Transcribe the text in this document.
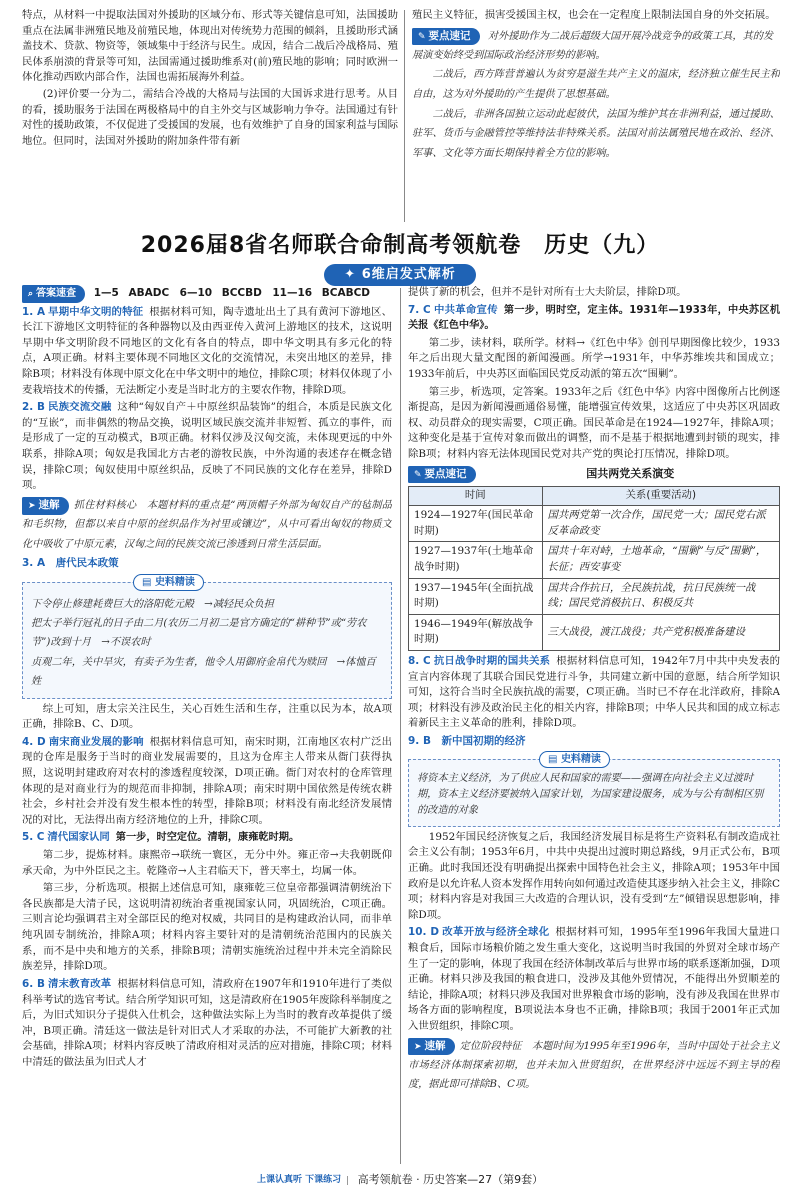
特点，从材料一中提取法国对外援助的区域分布、形式等关键信息可知，法国援助重点在法属非洲殖民地及前殖民地，体现出对传统势力范围的倾斜，且援助形式涵盖技术、贷款、物资等，领域集中于经济与民生。成因，结合二战后冷战格局、殖民体系崩溃的背景等可知，法国需通过援助维系对(前)殖民地的影响；同时欧洲一体化推动西欧内部合作，法国也需拓展海外利益。

(2)评价要一分为二，需结合冷战的大格局与法国的大国诉求进行思考。从目的看，援助服务于法国在两极格局中的自主外交与区域影响力争夺。法国通过有针对性的援助政策，不仅促进了受援国的发展，也有效维护了自身的国家利益与国际地位。但同时，法国对外援助的附加条件带有新

殖民主义特征，损害受援国主权，也会在一定程度上限制法国自身的外交拓展。

✎ 要点速记 对外援助作为二战后超级大国开展冷战竞争的政策工具，其的发展演变始终受到国际政治经济形势的影响。

二战后，西方阵营普遍认为贫穷是滋生共产主义的温床，经济独立催生民主和自由，这为对外援助的产生提供了思想基础。

二战后，非洲各国独立运动此起彼伏，法国为维护其在非洲利益，通过援助、驻军、货币与金融管控等维持法非特殊关系。法国对前法属殖民地在政治、经济、军事、文化等方面长期保持着全方位的影响。

2026届8省名师联合命制高考领航卷　历史（九）
✦ 6维启发式解析
⌕ 答案速查 1—5 ABADC　6—10 BCCBD　11—16 BCABCD

1. A 早期中华文明的特征 根据材料可知，陶寺遗址出土了具有黄河下游地区、长江下游地区文明特征的各种器物以及由西亚传入黄河上游地区的技术，这说明早期中华文明阶段不同地区的文化有各自的特点，即中华文明具有多元化的特点，A项正确。材料主要体现不同地区文化的交流情况，未突出地区的差异，排除B项；材料没有体现中原文化在中华文明中的地位，排除C项；材料仅体现了小麦栽培技术的传播，无法断定小麦是当时北方的主要农作物，排除D项。

2. B 民族交流交融 这种“匈奴自产＋中原丝织品装饰”的组合，本质是民族文化的“互嵌”，而非偶然的物品交换，说明区域民族交流并非短暂、孤立的事件，而是形成了一定的互动模式，B项正确。材料仅涉及汉匈交流，未体现更远的中外联系，排除A项；匈奴是我国北方古老的游牧民族，中外沟通的表述存在概念错误，排除C项；匈奴使用中原丝织品，反映了不同民族的文化存在差异，排除D项。

➤ 速解 抓住材料核心　本题材料的重点是“两顶帽子外部为匈奴自产的毡制品和毛织物，但都以来自中原的丝织品作为衬里或镶边”，从中可看出匈奴的物质文化中吸收了中原元素，汉匈之间的民族交流已渗透到日常生活层面。

3. A　 唐代民本政策
▤ 史料精读
下令停止修建耗费巨大的洛阳乾元殿　→减轻民众负担
把太子举行冠礼的日子由二月(农历二月初二是官方确定的“耕种节”或“劳农节”)改到十月　→不误农时
贞观二年，关中旱灾，有卖子为生者，他令人用御府金帛代为赎回　→体恤百姓

综上可知，唐太宗关注民生，关心百姓生活和生存，注重以民为本，故A项正确，排除B、C、D项。

4. D 南宋商业发展的影响 根据材料信息可知，南宋时期，江南地区农村广泛出现的仓库是服务于当时的商业发展需要的，且这为仓库主人带来从衙门获得执照，这说明封建政府对农村的渗透程度较深，D项正确。衙门对农村的仓库管理体现的是对商业行为的规范而非抑制，排除A项；南宋时期中国依然是传统农耕社会，乡村社会并没有发生根本性的转型，排除B项；材料没有南北经济发展情况的对比，无法得出南方经济地位的上升，排除C项。

5. C 清代国家认同 第一步，时空定位。清朝，康雍乾时期。

第二步，提炼材料。康熙帝→联统一寰区，无分中外。雍正帝→夫我朝既仰承天命，为中外臣民之主。乾隆帝→人主君临天下，普天率土，均属一体。

第三步，分析选项。根据上述信息可知，康雍乾三位皇帝都强调清朝统治下各民族都是大清子民，这说明清初统治者重视国家认同，巩固统治，C项正确。三则言论均强调君主对全部臣民的绝对权威，共同目的是构建政治认同，而非单纯巩固专制统治，排除A项；材料内容主要针对的是清朝统治范围内的民族关系，而不是中央和地方的关系，排除B项；清朝实施统治过程中并未完全消除民族差异，排除D项。

6. B 清末教育改革 根据材料信息可知，清政府在1907年和1910年进行了类似科举考试的选官考试。结合所学知识可知，这是清政府在1905年废除科举制度之后，为旧式知识分子提供入仕机会，这种做法实际上为当时的教育改革提供了缓冲，B项正确。清廷这一做法是针对旧式人才采取的办法，不可能扩大新教的社会基础，排除A项；材料内容反映了清政府相对灵活的应对措施，排除C项；材料中清廷的做法虽为旧式人才

提供了新的机会，但并不是针对所有士大夫阶层，排除D项。

7. C 中共革命宣传 第一步，明时空，定主体。1931年—1933年，中央苏区机关报《红色中华》。

第二步，读材料，联所学。材料→《红色中华》创刊早期图像比较少，1933年之后出现大量文配图的新闻漫画。所学→1931年，中华苏维埃共和国成立；1933年前后，中央苏区面临国民党反动派的第五次“围剿”。

第三步，析选项，定答案。1933年之后《红色中华》内容中图像所占比例逐渐提高，是因为新闻漫画通俗易懂，能增强宣传效果，这适应了中央苏区巩固政权、动员群众的现实需要，C项正确。国民革命是在1924—1927年，排除A项；这种变化是基于宣传对象而做出的调整，而不是基于根据地遭到封锁的现实，排除B项；材料内容无法体现国民党对共产党的舆论打压情况，排除D项。

✎ 要点速记	国共两党关系演变
时间	关系(重要活动)
1924—1927年(国民革命时期)	国共两党第一次合作，国民党一大；国民党右派反革命政变
1927—1937年(土地革命战争时期)	国共十年对峙，土地革命，“围剿”与反“围剿”，长征；西安事变
1937—1945年(全面抗战时期)	国共合作抗日，全民族抗战，抗日民族统一战线；国民党消极抗日、积极反共
1946—1949年(解放战争时期)	三大战役，渡江战役；共产党积极准备建设

8. C 抗日战争时期的国共关系 根据材料信息可知，1942年7月中共中央发表的宣言内容体现了其联合国民党进行斗争，共同建立新中国的意愿，结合所学知识可知，这符合当时全民族抗战的需要，C项正确。当时已不存在北洋政府，排除A项；材料没有涉及政治民主化的相关内容，排除B项；中华人民共和国的成立标志着新民主主义革命的胜利，排除D项。

9. B　 新中国初期的经济
▤ 史料精读
将资本主义经济，为了供应人民和国家的需要——强调在向社会主义过渡时期，资本主义经济要被纳入国家计划，为国家建设服务，成为与公有制相区别的改造的对象

1952年国民经济恢复之后，我国经济发展目标是将生产资料私有制改造成社会主义公有制；1953年6月，中共中央提出过渡时期总路线，9月正式公布，B项正确。此时我国还没有明确提出探索中国特色社会主义，排除A项；1953年中国政府是以允许私人资本发挥作用转向如何通过改造使其逐步纳入社会主义，排除C项；材料内容是对我国三大改造的合理认识，没有受到“左”倾错误思想影响，排除D项。

10. D 改革开放与经济全球化 根据材料可知，1995年至1996年我国大量进口粮食后，国际市场粮价随之发生重大变化，这说明当时我国的外贸对全球市场产生了一定的影响，体现了我国在经济体制改革后与世界市场的联系逐渐加强，D项正确。材料只涉及我国的粮食进口，没涉及其他外贸情况，不能得出外贸顺差的结论，排除A项；材料只涉及我国对世界粮食市场的影响，没有涉及我国在世界市场各方面的影响程度，B项说法本身也不正确，排除B项；我国于2001年正式加入世贸组织，排除C项。

➤ 速解 定位阶段特征　本题时间为1995年至1996年，当时中国处于社会主义市场经济体制探索初期，也并未加入世贸组织，在世界经济中远远不到主导的程度，据此即可排除B、C项。

上课认真听 下课练习 高考领航卷 · 历史答案—27（第9套）
